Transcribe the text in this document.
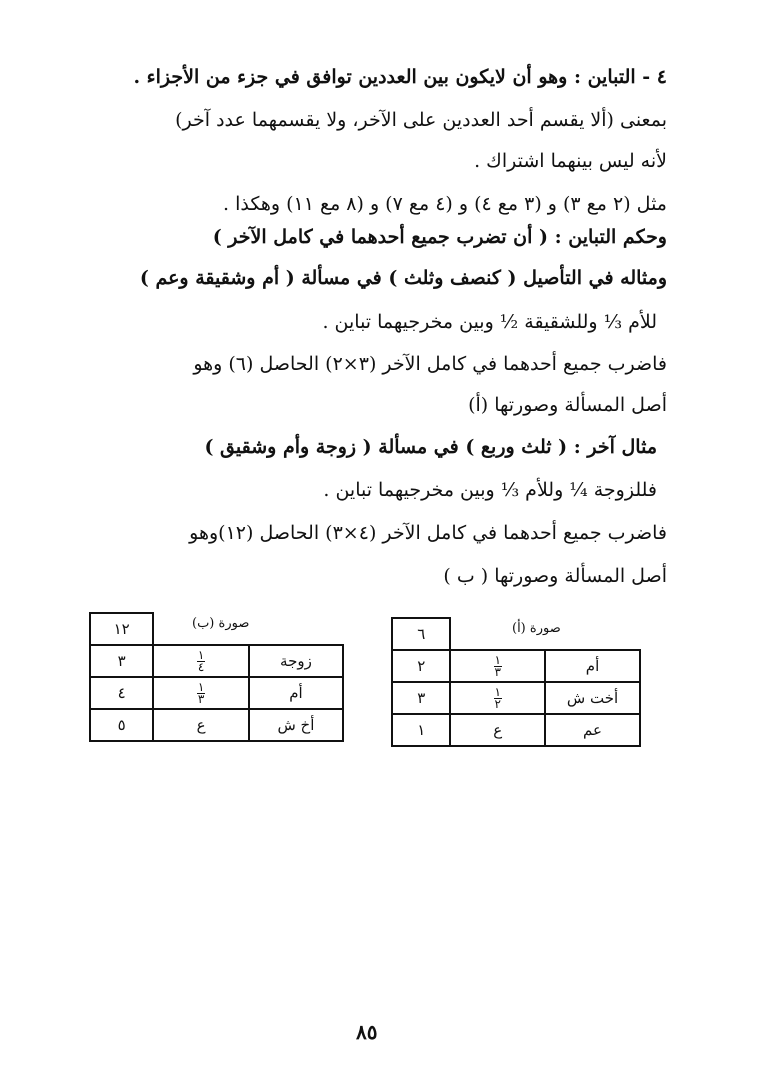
٤ - التباين : وهو أن لايكون بين العددين توافق في جزء من الأجزاء .
بمعنى (ألا يقسم أحد العددين على الآخر، ولا يقسمهما عدد آخر)
لأنه ليس بينهما اشتراك .
مثل (٢ مع ٣) و (٣ مع ٤) و (٤ مع ٧) و (٨ مع ١١) وهكذا .
وحكم التباين : ( أن تضرب جميع أحدهما في كامل الآخر )
ومثاله في التأصيل ( كنصف وثلث ) في مسألة ( أم وشقيقة وعم )
للأم ⅓ وللشقيقة ½ وبين مخرجيهما تباين .
فاضرب جميع أحدهما في كامل الآخر (٣×٢) الحاصل (٦) وهو
أصل المسألة وصورتها (أ)
مثال آخر : ( ثلث وربع ) في مسألة ( زوجة وأم وشقيق )
فللزوجة ¼ وللأم ⅓ وبين مخرجيهما تباين .
فاضرب جميع أحدهما في كامل الآخر (٤×٣) الحاصل (١٢)وهو
أصل المسألة وصورتها ( ب )
صورة (أ)
		٦
أم	$\frac{١}{٣}$	٢
أخت ش	$\frac{١}{٢}$	٣
عم	ع	١
صورة (ب)
		١٢
زوجة	$\frac{١}{٤}$	٣
أم	$\frac{١}{٣}$	٤
أخ ش	ع	٥
٨٥
